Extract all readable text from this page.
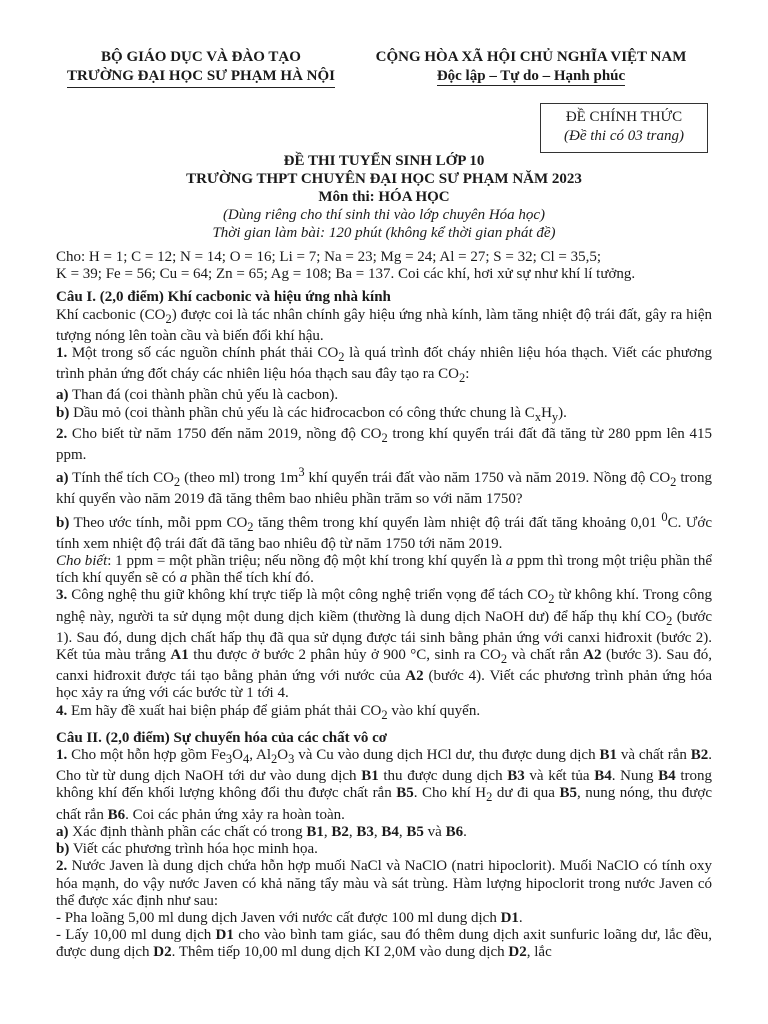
BỘ GIÁO DỤC VÀ ĐÀO TẠO
TRƯỜNG ĐẠI HỌC SƯ PHẠM HÀ NỘI
CỘNG HÒA XÃ HỘI CHỦ NGHĨA VIỆT NAM
Độc lập – Tự do – Hạnh phúc
ĐỀ CHÍNH THỨC
(Đề thi có 03 trang)
ĐỀ THI TUYỂN SINH LỚP 10
TRƯỜNG THPT CHUYÊN ĐẠI HỌC SƯ PHẠM NĂM 2023
Môn thi: HÓA HỌC
(Dùng riêng cho thí sinh thi vào lớp chuyên Hóa học)
Thời gian làm bài: 120 phút (không kể thời gian phát đề)

Cho: H = 1; C = 12; N = 14; O = 16; Li = 7; Na = 23; Mg = 24; Al = 27; S = 32; Cl = 35,5;

K = 39; Fe = 56; Cu = 64; Zn = 65; Ag = 108; Ba = 137. Coi các khí, hơi xử sự như khí lí tưởng.

Câu I. (2,0 điểm) Khí cacbonic và hiệu ứng nhà kính

Khí cacbonic $(CO_2)$ được coi là tác nhân chính gây hiệu ứng nhà kính, làm tăng nhiệt độ trái đất, gây ra hiện tượng nóng lên toàn cầu và biến đổi khí hậu.

1. Một trong số các nguồn chính phát thải $CO_2$ là quá trình đốt cháy nhiên liệu hóa thạch. Viết các phương trình phản ứng đốt cháy các nhiên liệu hóa thạch sau đây tạo ra $CO_2$:

a) Than đá (coi thành phần chủ yếu là cacbon).

b) Dầu mỏ (coi thành phần chủ yếu là các hiđrocacbon có công thức chung là $C_xH_y$).

2. Cho biết từ năm 1750 đến năm 2019, nồng độ $CO_2$ trong khí quyển trái đất đã tăng từ 280 ppm lên 415 ppm.

a) Tính thể tích $CO_2$ (theo ml) trong $1m^3$ khí quyển trái đất vào năm 1750 và năm 2019. Nồng độ $CO_2$ trong khí quyển vào năm 2019 đã tăng thêm bao nhiêu phần trăm so với năm 1750?

b) Theo ước tính, mỗi ppm $CO_2$ tăng thêm trong khí quyển làm nhiệt độ trái đất tăng khoảng 0,01 $^0$C. Ước tính xem nhiệt độ trái đất đã tăng bao nhiêu độ từ năm 1750 tới năm 2019.

Cho biết: 1 ppm = một phần triệu; nếu nồng độ một khí trong khí quyển là a ppm thì trong một triệu phần thể tích khí quyển sẽ có a phần thể tích khí đó.

3. Công nghệ thu giữ không khí trực tiếp là một công nghệ triển vọng để tách $CO_2$ từ không khí. Trong công nghệ này, người ta sử dụng một dung dịch kiềm (thường là dung dịch NaOH dư) để hấp thụ khí $CO_2$ (bước 1). Sau đó, dung dịch chất hấp thụ đã qua sử dụng được tái sinh bằng phản ứng với canxi hiđroxit (bước 2). Kết tủa màu trắng A1 thu được ở bước 2 phân hủy ở 900 °C, sinh ra $CO_2$ và chất rắn A2 (bước 3). Sau đó, canxi hiđroxit được tái tạo bằng phản ứng với nước của A2 (bước 4). Viết các phương trình phản ứng hóa học xảy ra ứng với các bước từ 1 tới 4.

4. Em hãy đề xuất hai biện pháp để giảm phát thải $CO_2$ vào khí quyển.

Câu II. (2,0 điểm) Sự chuyển hóa của các chất vô cơ

1. Cho một hỗn hợp gồm $Fe_3O_4$, $Al_2O_3$ và Cu vào dung dịch HCl dư, thu được dung dịch B1 và chất rắn B2. Cho từ từ dung dịch NaOH tới dư vào dung dịch B1 thu được dung dịch B3 và kết tủa B4. Nung B4 trong không khí đến khối lượng không đổi thu được chất rắn B5. Cho khí $H_2$ dư đi qua B5, nung nóng, thu được chất rắn B6. Coi các phản ứng xảy ra hoàn toàn.

a) Xác định thành phần các chất có trong B1, B2, B3, B4, B5 và B6.

b) Viết các phương trình hóa học minh họa.

2. Nước Javen là dung dịch chứa hỗn hợp muối NaCl và NaClO (natri hipoclorit). Muối NaClO có tính oxy hóa mạnh, do vậy nước Javen có khả năng tẩy màu và sát trùng. Hàm lượng hipoclorit trong nước Javen có thể được xác định như sau:

- Pha loãng 5,00 ml dung dịch Javen với nước cất được 100 ml dung dịch D1.

- Lấy 10,00 ml dung dịch D1 cho vào bình tam giác, sau đó thêm dung dịch axit sunfuric loãng dư, lắc đều, được dung dịch D2. Thêm tiếp 10,00 ml dung dịch KI 2,0M vào dung dịch D2, lắc
